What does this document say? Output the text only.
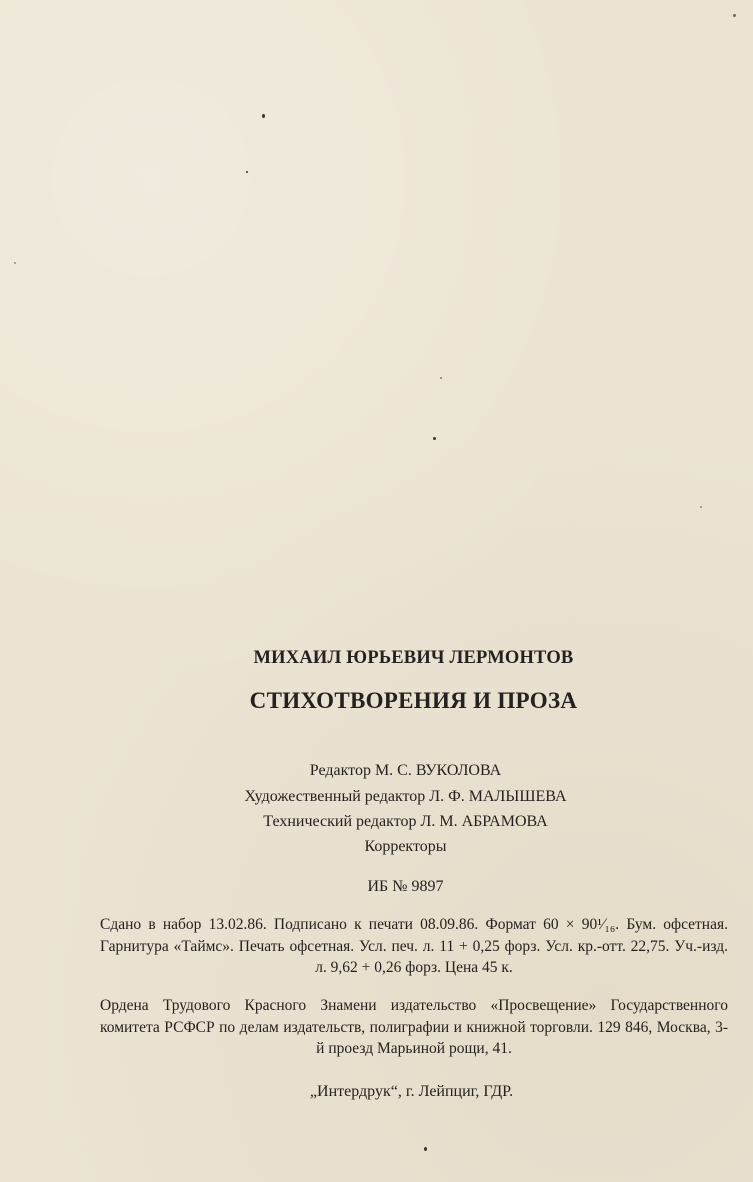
МИХАИЛ ЮРЬЕВИЧ ЛЕРМОНТОВ
СТИХОТВОРЕНИЯ И ПРОЗА
Редактор М. С. ВУКОЛОВА
Художественный редактор Л. Ф. МАЛЫШЕВА
Технический редактор Л. М. АБРАМОВА
Корректоры
ИБ № 9897
Сдано в набор 13.02.86. Подписано к печати 08.09.86. Формат 60 × 90¹⁄₁₆. Бум. офсетная. Гарнитура «Таймс». Печать офсетная. Усл. печ. л. 11 + 0,25 форз. Усл. кр.-отт. 22,75. Уч.-изд. л. 9,62 + 0,26 форз. Цена 45 к.
Ордена Трудового Красного Знамени издательство «Просвещение» Государственного комитета РСФСР по делам издательств, полиграфии и книжной торговли. 129 846, Москва, 3-й проезд Марьиной рощи, 41.
„Интердрук“, г. Лейпциг, ГДР.
